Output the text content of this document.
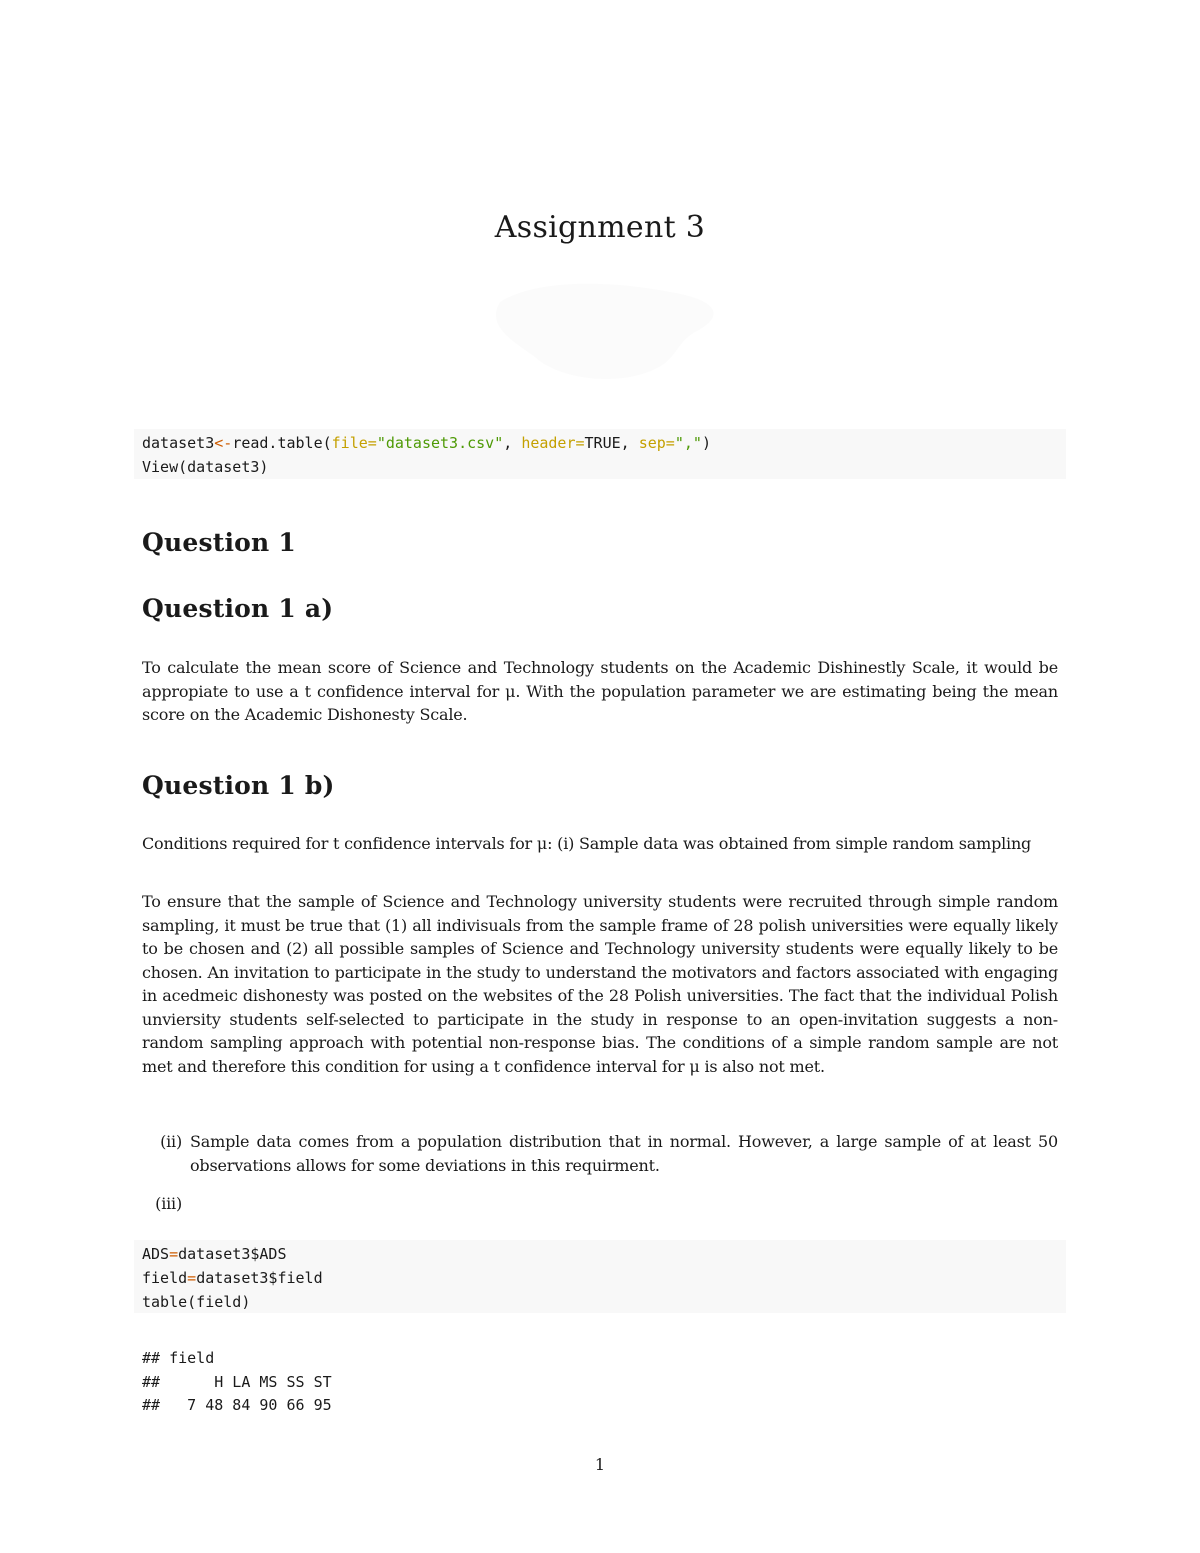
Assignment 3
dataset3<-read.table(file="dataset3.csv", header=TRUE, sep=",")
View(dataset3)
Question 1
Question 1 a)

To calculate the mean score of Science and Technology students on the Academic Dishinestly Scale, it would be appropiate to use a t confidence interval for μ. With the population parameter we are estimating being the mean score on the Academic Dishonesty Scale.

Question 1 b)

Conditions required for t confidence intervals for μ: (i) Sample data was obtained from simple random sampling

To ensure that the sample of Science and Technology university students were recruited through simple random sampling, it must be true that (1) all indivisuals from the sample frame of 28 polish universities were equally likely to be chosen and (2) all possible samples of Science and Technology university students were equally likely to be chosen. An invitation to participate in the study to understand the motivators and factors associated with engaging in acedmeic dishonesty was posted on the websites of the 28 Polish universities. The fact that the individual Polish unviersity students self-selected to participate in the study in response to an open-invitation suggests a non-random sampling approach with potential non-response bias. The conditions of a simple random sample are not met and therefore this condition for using a t confidence interval for μ is also not met.

(ii) Sample data comes from a population distribution that in normal. However, a large sample of at least 50 observations allows for some deviations in this requirment.
(iii)
ADS=dataset3$ADS
field=dataset3$field
table(field)
## field
##      H LA MS SS ST
##   7 48 84 90 66 95
1
